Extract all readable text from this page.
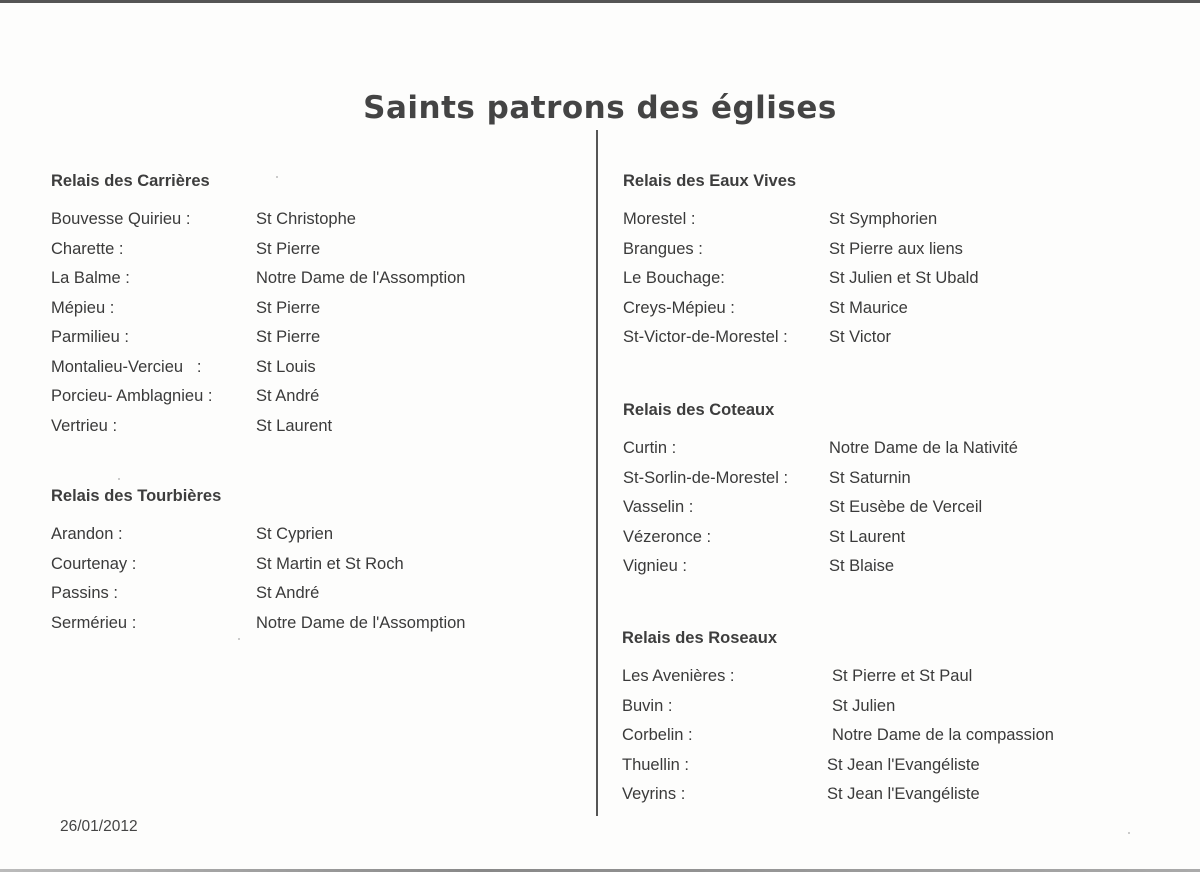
Saints patrons des églises
Relais des Carrières
Bouvesse Quirieu :	St Christophe
Charette :	St Pierre
La Balme :	Notre Dame de l'Assomption
Mépieu :	St Pierre
Parmilieu :	St Pierre
Montalieu-Vercieu   :	St Louis
Porcieu- Amblagnieu :	St André
Vertrieu :	St Laurent
Relais des Tourbières
Arandon :	St Cyprien
Courtenay :	St Martin et St Roch
Passins :	St André
Sermérieu :	Notre Dame de l'Assomption
Relais des Eaux Vives
Morestel :	St Symphorien
Brangues :	St Pierre aux liens
Le Bouchage:	St Julien et St Ubald
Creys-Mépieu :	St Maurice
St-Victor-de-Morestel :	St Victor
Relais des Coteaux
Curtin :	Notre Dame de la Nativité
St-Sorlin-de-Morestel : St Saturnin
Vasselin :	St Eusèbe de Verceil
Vézeronce :	St Laurent
Vignieu :	St Blaise
Relais des Roseaux
Les Avenières :	St Pierre et St Paul
Buvin :	St Julien
Corbelin :	Notre Dame de la compassion
Thuellin :	St Jean l'Evangéliste
Veyrins :	St Jean l'Evangéliste
26/01/2012
